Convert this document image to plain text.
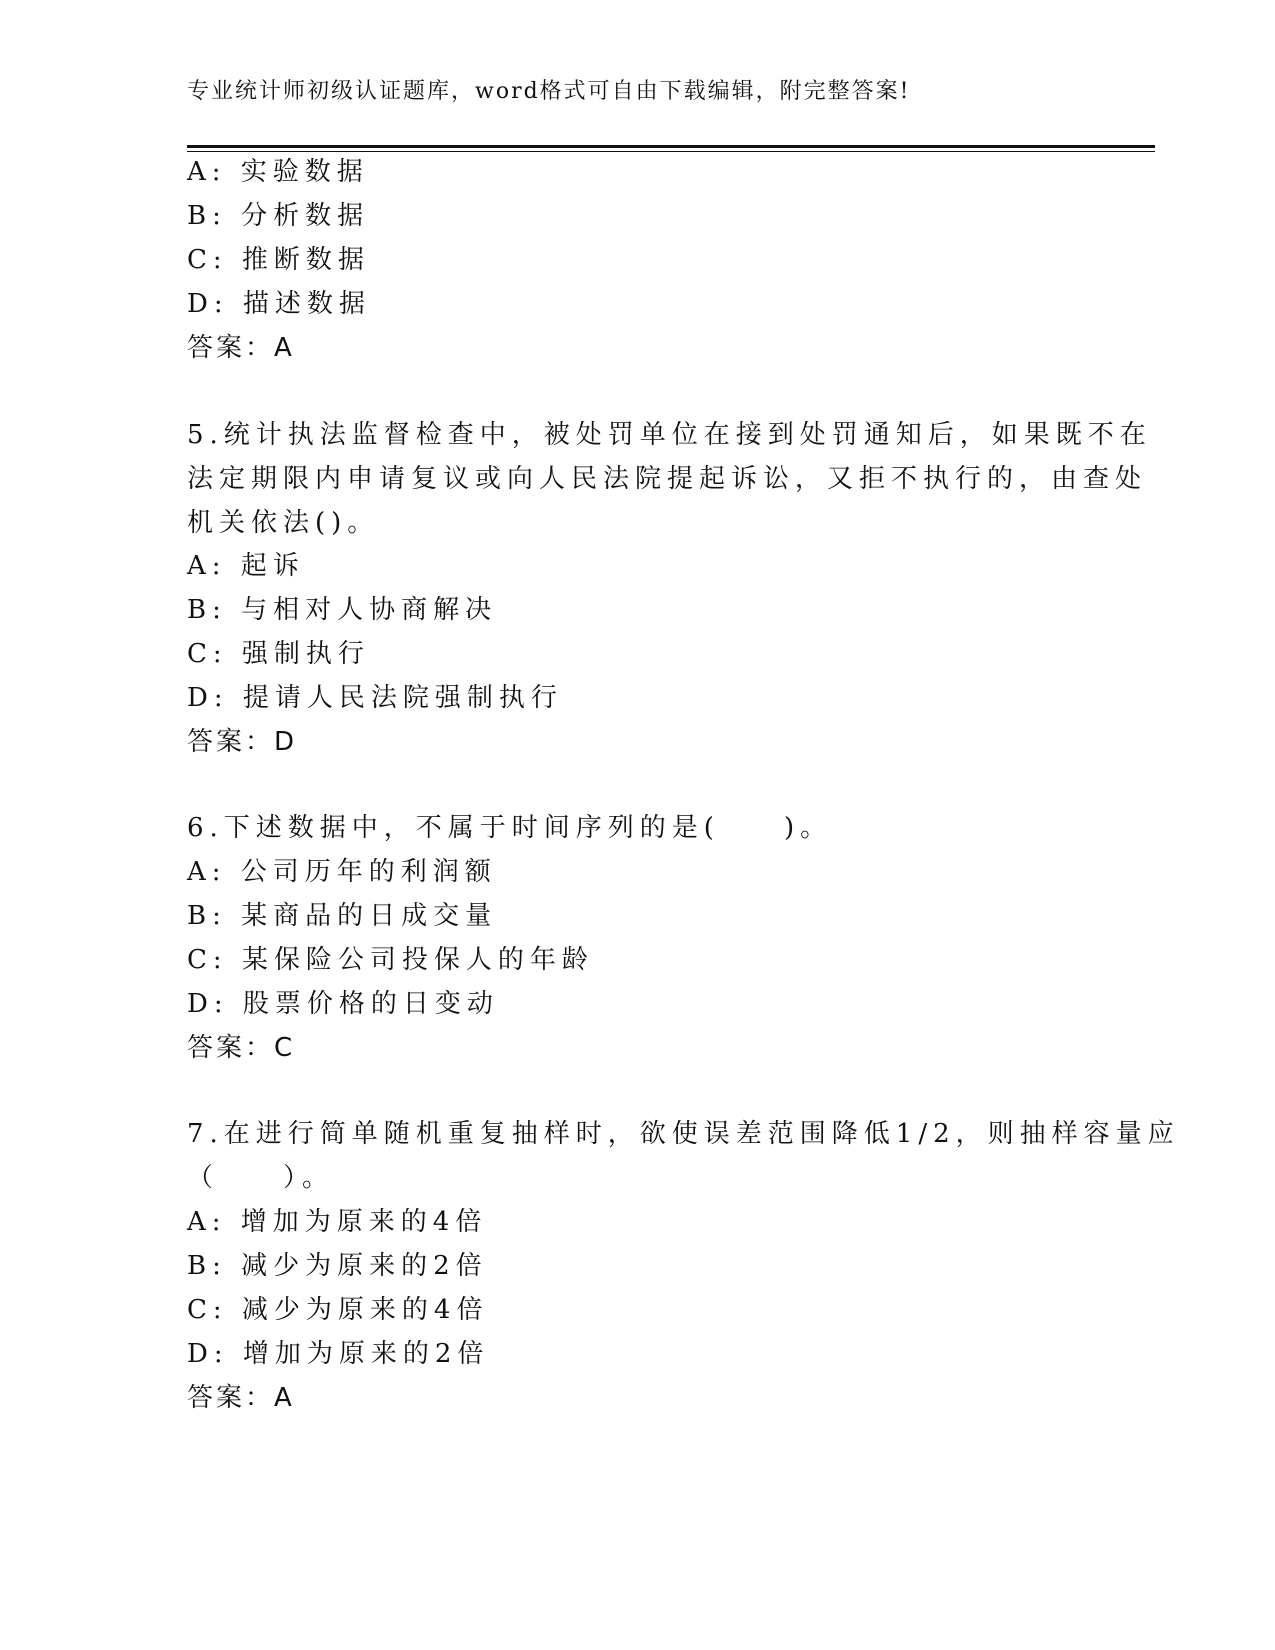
专业统计师初级认证题库，word格式可自由下载编辑，附完整答案!
A: 实验数据
B: 分析数据
C: 推断数据
D: 描述数据
答案：A
5.统计执法监督检查中，被处罚单位在接到处罚通知后，如果既不在
法定期限内申请复议或向人民法院提起诉讼，又拒不执行的，由查处
机关依法()。
A: 起诉
B: 与相对人协商解决
C: 强制执行
D: 提请人民法院强制执行
答案：D
6.下述数据中，不属于时间序列的是(　　)。
A: 公司历年的利润额
B: 某商品的日成交量
C: 某保险公司投保人的年龄
D: 股票价格的日变动
答案：C
7.在进行简单随机重复抽样时，欲使误差范围降低1/2，则抽样容量应
（　　）。
A: 增加为原来的4倍
B: 减少为原来的2倍
C: 减少为原来的4倍
D: 增加为原来的2倍
答案：A
